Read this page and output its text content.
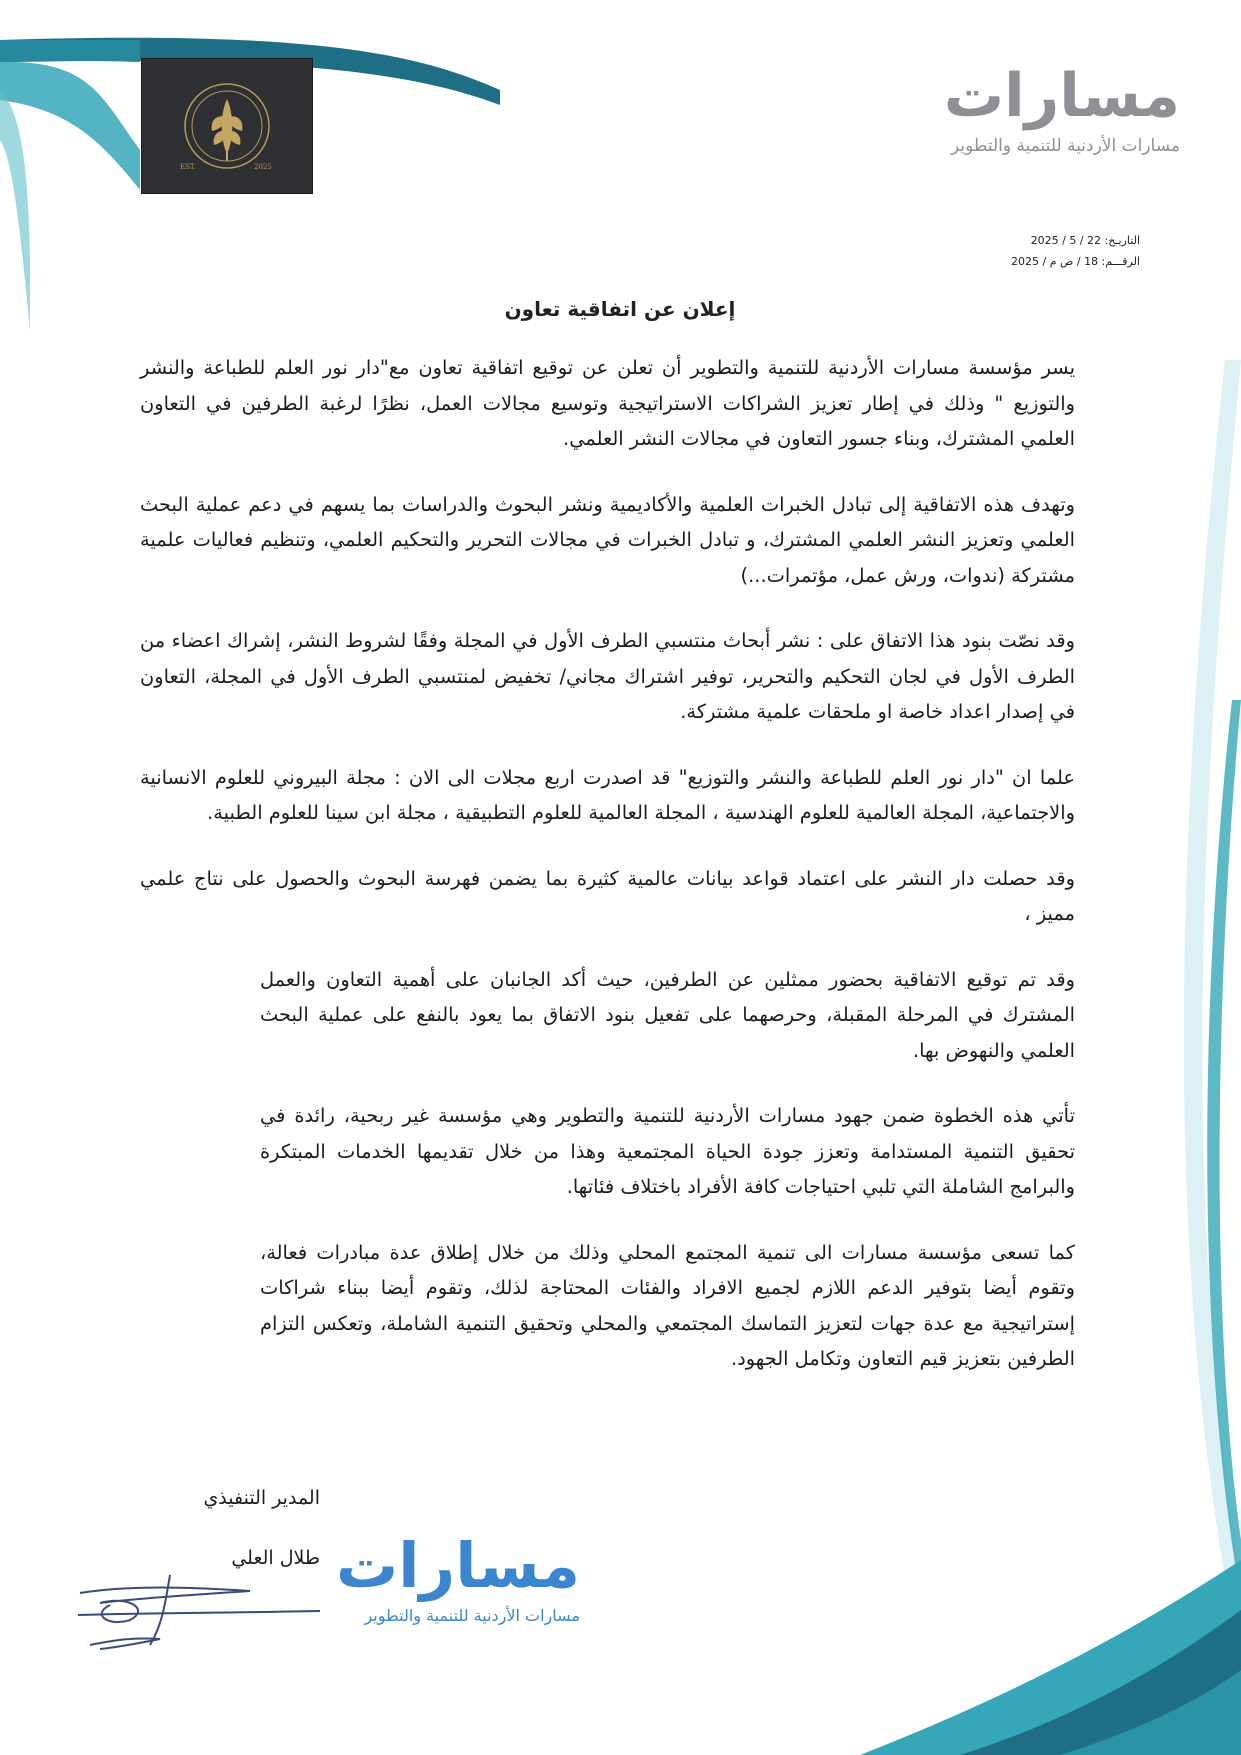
EST.	2025
مسارات
مسارات الأردنية للتنمية والتطوير
التاريـخ: 22 / 5 / 2025
الرقـــم: 18 / ص م / 2025
إعلان عن اتفاقية تعاون

يسر مؤسسة مسارات الأردنية للتنمية والتطوير أن تعلن عن توقيع اتفاقية تعاون مع"دار نور العلم للطباعة والنشر والتوزيع " وذلك في إطار تعزيز الشراكات الاستراتيجية وتوسيع مجالات العمل، نظرًا لرغبة الطرفين في التعاون العلمي المشترك، وبناء جسور التعاون في مجالات النشر العلمي.

وتهدف هذه الاتفاقية إلى تبادل الخبرات العلمية والأكاديمية ونشر البحوث والدراسات بما يسهم في دعم عملية البحث العلمي وتعزيز النشر العلمي المشترك، و تبادل الخبرات في مجالات التحرير والتحكيم العلمي، وتنظيم فعاليات علمية مشتركة (ندوات، ورش عمل، مؤتمرات...)

وقد نصّت بنود هذا الاتفاق على : نشر أبحاث منتسبي الطرف الأول في المجلة وفقًا لشروط النشر، إشراك اعضاء من الطرف الأول في لجان التحكيم والتحرير، توفير اشتراك مجاني/ تخفيض لمنتسبي الطرف الأول في المجلة، التعاون في إصدار اعداد خاصة او ملحقات علمية مشتركة.

علما ان "دار نور العلم للطباعة والنشر والتوزيع" قد اصدرت اربع مجلات الى الان : مجلة البيروني للعلوم الانسانية والاجتماعية، المجلة العالمية للعلوم الهندسية ، المجلة العالمية للعلوم التطبيقية ، مجلة ابن سينا للعلوم الطبية.

وقد حصلت دار النشر على اعتماد قواعد بيانات عالمية كثيرة بما يضمن فهرسة البحوث والحصول على نتاج علمي مميز ،

وقد تم توقيع الاتفاقية بحضور ممثلين عن الطرفين، حيث أكد الجانبان على أهمية التعاون والعمل المشترك في المرحلة المقبلة، وحرصهما على تفعيل بنود الاتفاق بما يعود بالنفع على عملية البحث العلمي والنهوض بها.

تأتي هذه الخطوة ضمن جهود مسارات الأردنية للتنمية والتطوير وهي مؤسسة غير ربحية، رائدة في تحقيق التنمية المستدامة وتعزز جودة الحياة المجتمعية وهذا من خلال تقديمها الخدمات المبتكرة والبرامج الشاملة التي تلبي احتياجات كافة الأفراد باختلاف فئاتها.

كما تسعى مؤسسة مسارات الى تنمية المجتمع المحلي وذلك من خلال إطلاق عدة مبادرات فعالة، وتقوم أيضا بتوفير الدعم اللازم لجميع الافراد والفئات المحتاجة لذلك، وتقوم أيضا ببناء شراكات إستراتيجية مع عدة جهات لتعزيز التماسك المجتمعي والمحلي وتحقيق التنمية الشاملة، وتعكس التزام الطرفين بتعزيز قيم التعاون وتكامل الجهود.

المدير التنفيذي
طلال العلي مسارات
مسارات الأردنية للتنمية والتطوير
